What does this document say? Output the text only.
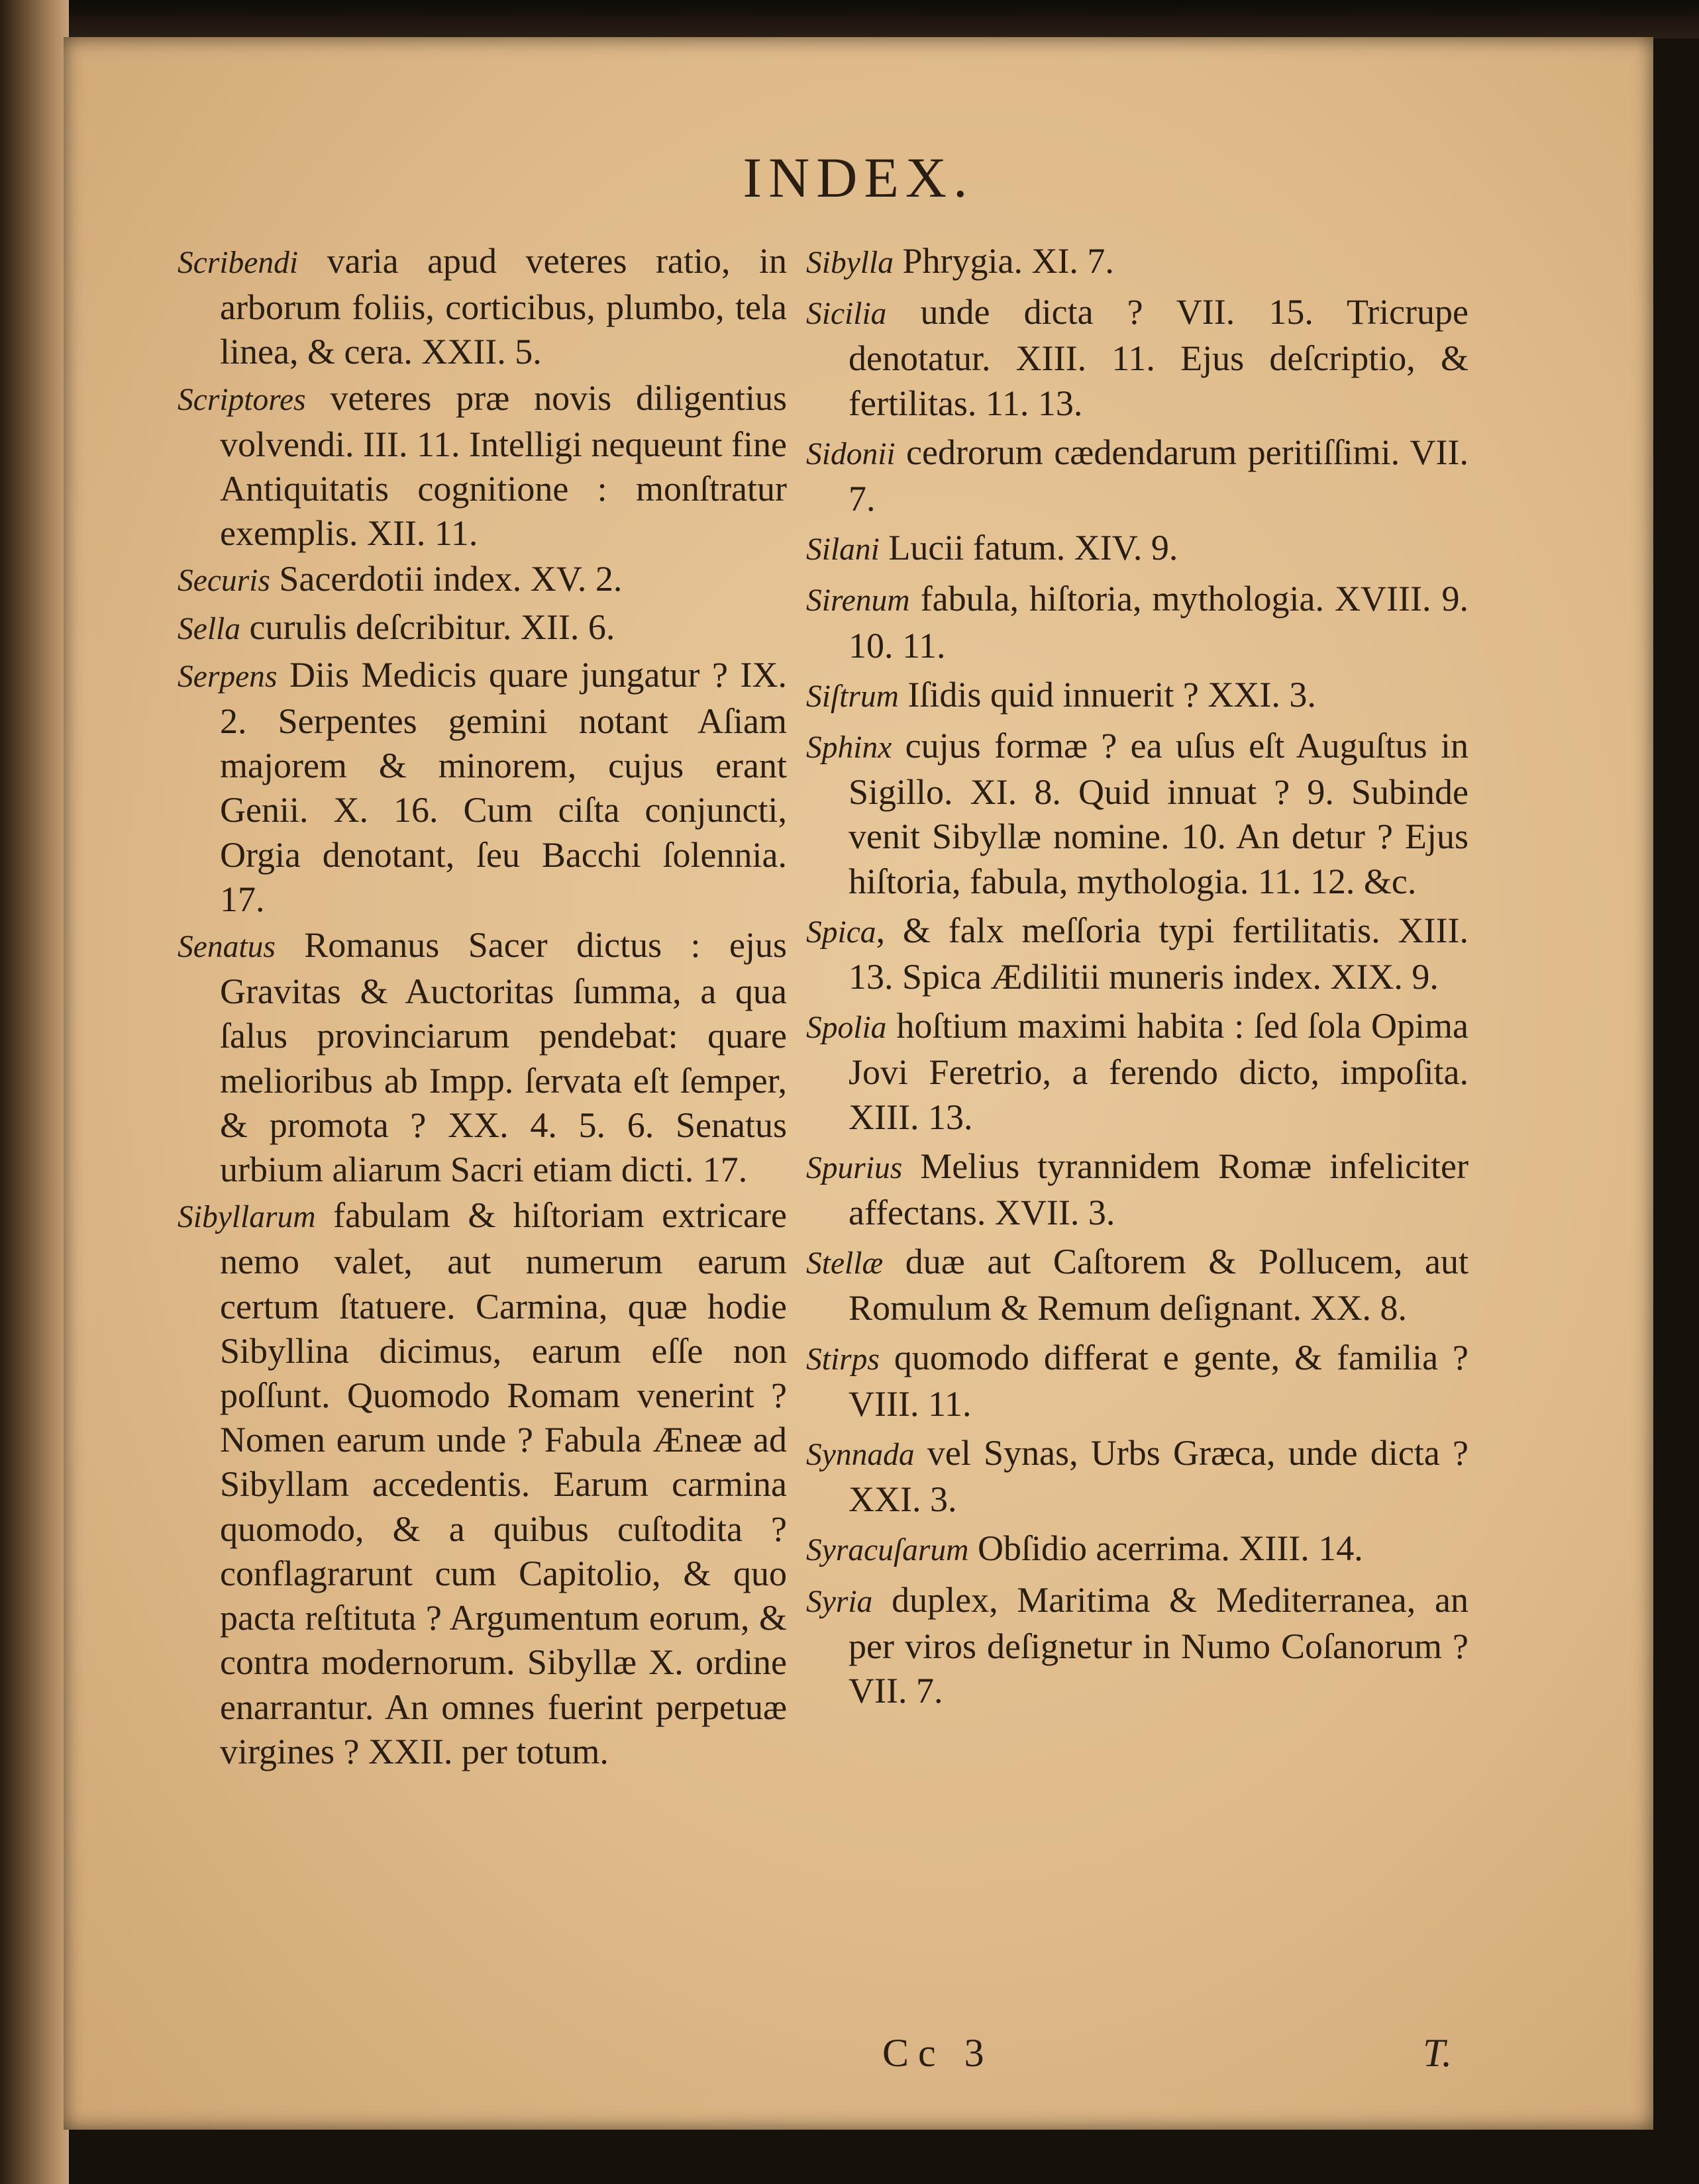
INDEX.

Scribendi varia apud veteres ratio, in arborum foliis, corticibus, plumbo, tela linea, & cera. XXII. 5.

Scriptores veteres præ novis diligentius volvendi. III. 11. Intelligi nequeunt fine Antiquitatis cognitione : monſtratur exemplis. XII. 11.

Securis Sacerdotii index. XV. 2.

Sella curulis deſcribitur. XII. 6.

Serpens Diis Medicis quare jungatur ? IX. 2. Serpentes gemini notant Aſiam majorem & minorem, cujus erant Genii. X. 16. Cum ciſta conjuncti, Orgia denotant, ſeu Bacchi ſolennia. 17.

Senatus Romanus Sacer dictus : ejus Gravitas & Auctoritas ſumma, a qua ſalus provinciarum pendebat: quare melioribus ab Impp. ſervata eſt ſemper, & promota ? XX. 4. 5. 6. Senatus urbium aliarum Sacri etiam dicti. 17.

Sibyllarum fabulam & hiſtoriam extricare nemo valet, aut numerum earum certum ſtatuere. Carmina, quæ hodie Sibyllina dicimus, earum eſſe non poſſunt. Quomodo Romam venerint ? Nomen earum unde ? Fabula Æneæ ad Sibyllam accedentis. Earum carmina quomodo, & a quibus cuſtodita ? conflagrarunt cum Capitolio, & quo pacta reſtituta ? Argumentum eorum, & contra modernorum. Sibyllæ X. ordine enarrantur. An omnes fuerint perpetuæ virgines ? XXII. per totum.

Sibylla Phrygia. XI. 7.

Sicilia unde dicta ? VII. 15. Tricruре denotatur. XIII. 11. Ejus deſcriptio, & fertilitas. 11. 13.

Sidonii cedrorum cædendarum peritiſſimi. VII. 7.

Silani Lucii fatum. XIV. 9.

Sirenum fabula, hiſtoria, mythologia. XVIII. 9. 10. 11.

Siſtrum Iſidis quid innuerit ? XXI. 3.

Sphinx cujus formæ ? ea uſus eſt Auguſtus in Sigillo. XI. 8. Quid innuat ? 9. Subinde venit Sibyllæ nomine. 10. An detur ? Ejus hiſtoria, fabula, mythologia. 11. 12. &c.

Spica, & falx meſſoria typi fertilitatis. XIII. 13. Spica Ædilitii muneris index. XIX. 9.

Spolia hoſtium maximi habita : ſed ſola Opima Jovi Feretrio, a ferendo dicto, impoſita. XIII. 13.

Spurius Melius tyrannidem Romæ infeliciter affectans. XVII. 3.

Stellæ duæ aut Caſtorem & Pollucem, aut Romulum & Remum deſignant. XX. 8.

Stirps quomodo differat e gente, & familia ? VIII. 11.

Synnada vel Synas, Urbs Græca, unde dicta ? XXI. 3.

Syracuſarum Obſidio acerrima. XIII. 14.

Syria duplex, Maritima & Mediterranea, an per viros deſignetur in Numo Coſanorum ? VII. 7.

Cc 3	T.
